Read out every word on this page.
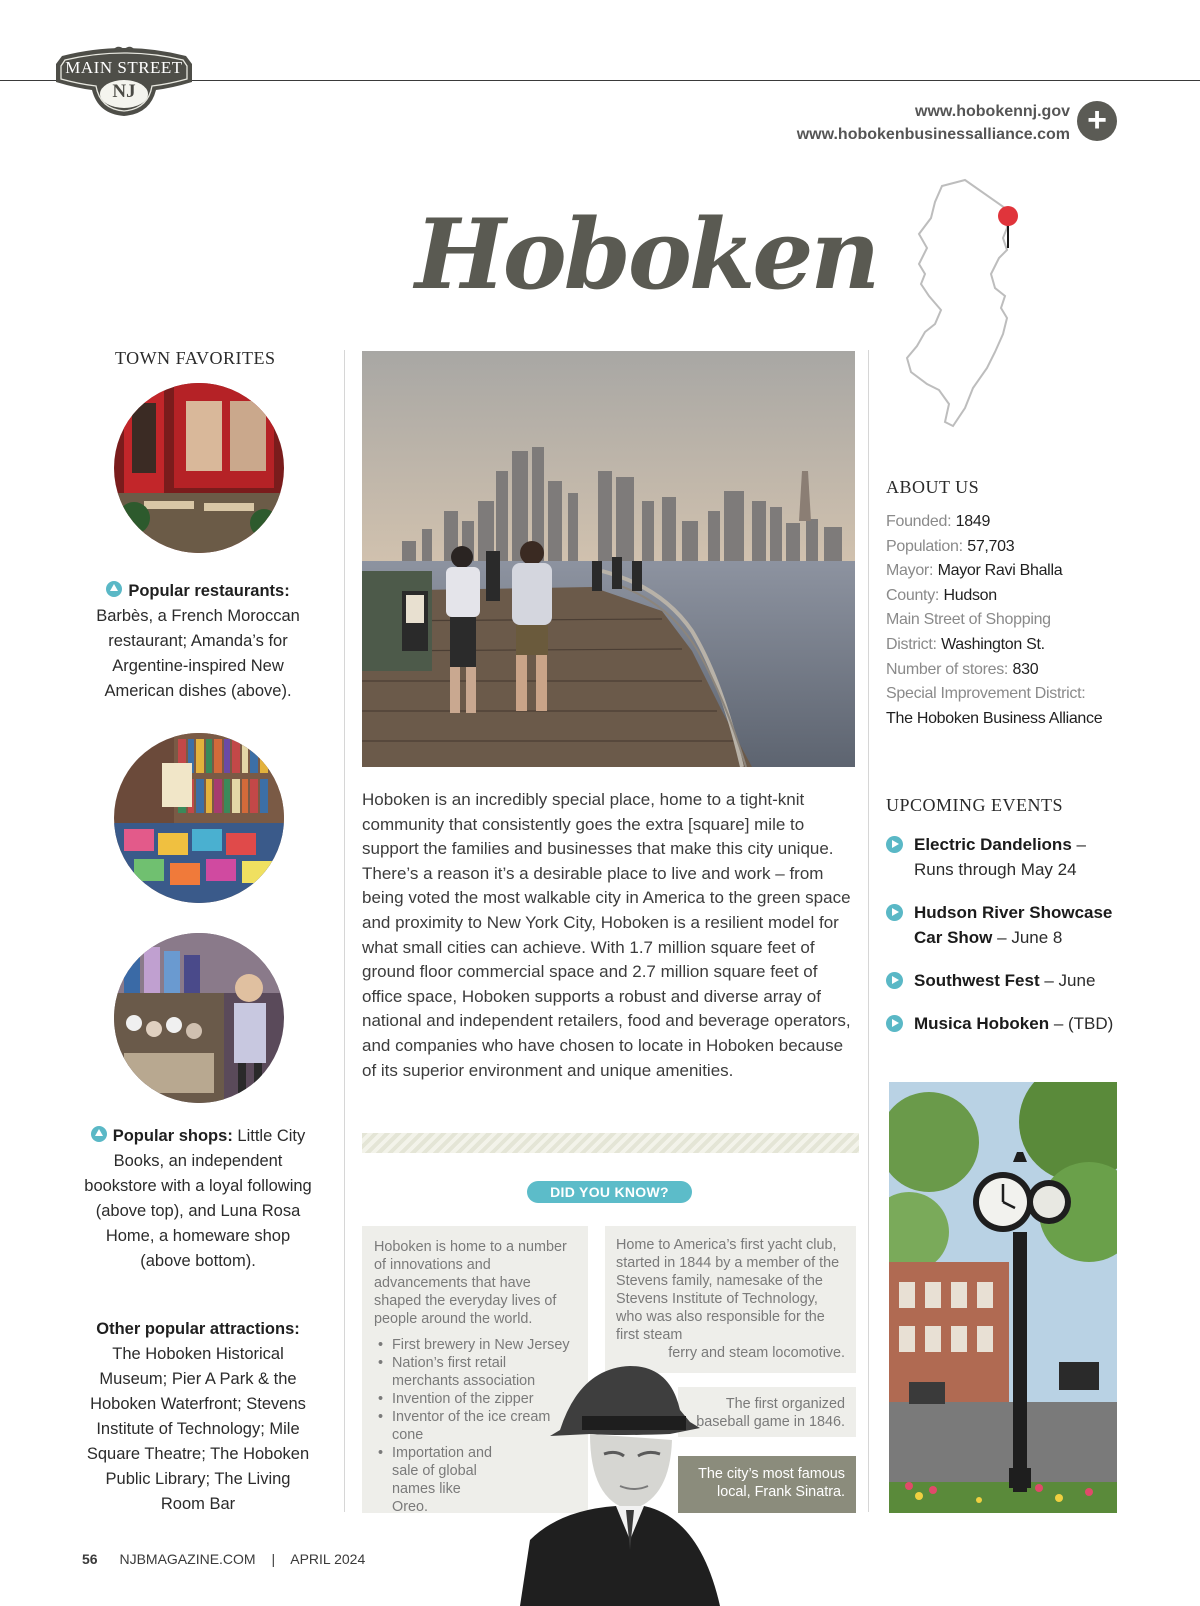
MAIN STREET
NJ
www.hobokennj.gov
www.hobokenbusinessalliance.com +
Hoboken
TOWN FAVORITES
Popular restaurants: Barbès, a French Moroccan restaurant; Amanda’s for Argentine-inspired New American dishes (above).
Popular shops: Little City Books, an independent bookstore with a loyal following (above top), and Luna Rosa Home, a homeware shop (above bottom).
Other popular attractions:
The Hoboken Historical Museum; Pier A Park & the Hoboken Waterfront; Stevens Institute of Technology; Mile Square Theatre; The Hoboken Public Library; The Living Room Bar
Hoboken is an incredibly special place, home to a tight-knit community that consistently goes the extra [square] mile to support the families and businesses that make this city unique. There’s a reason it’s a desirable place to live and work – from being voted the most walkable city in America to the green space and proximity to New York City, Hoboken is a resilient model for what small cities can achieve. With 1.7 million square feet of ground floor commercial space and 2.7 million square feet of office space, Hoboken supports a robust and diverse array of national and independent retailers, food and beverage operators, and companies who have chosen to locate in Hoboken because of its superior environment and unique amenities.
DID YOU KNOW?
Hoboken is home to a number of innovations and advancements that have shaped the everyday lives of people around the world.
• First brewery in New Jersey
• Nation’s first retail merchants association
• Invention of the zipper
• Inventor of the ice cream cone
• Importation and sale of global names like Oreo.
Home to America’s first yacht club, started in 1844 by a member of the Stevens family, namesake of the Stevens Institute of Technology, who was also responsible for the first steam
ferry and steam locomotive.
The first organized baseball game in 1846.
The city’s most famous local, Frank Sinatra.
ABOUT US
Founded: 1849
Population: 57,703
Mayor: Mayor Ravi Bhalla
County: Hudson
Main Street of Shopping
District: Washington St.
Number of stores: 830
Special Improvement District:
The Hoboken Business Alliance
UPCOMING EVENTS
Electric Dandelions –
Runs through May 24
Hudson River Showcase Car Show – June 8
Southwest Fest – June
Musica Hoboken – (TBD)
56 NJBMAGAZINE.COM | APRIL 2024
